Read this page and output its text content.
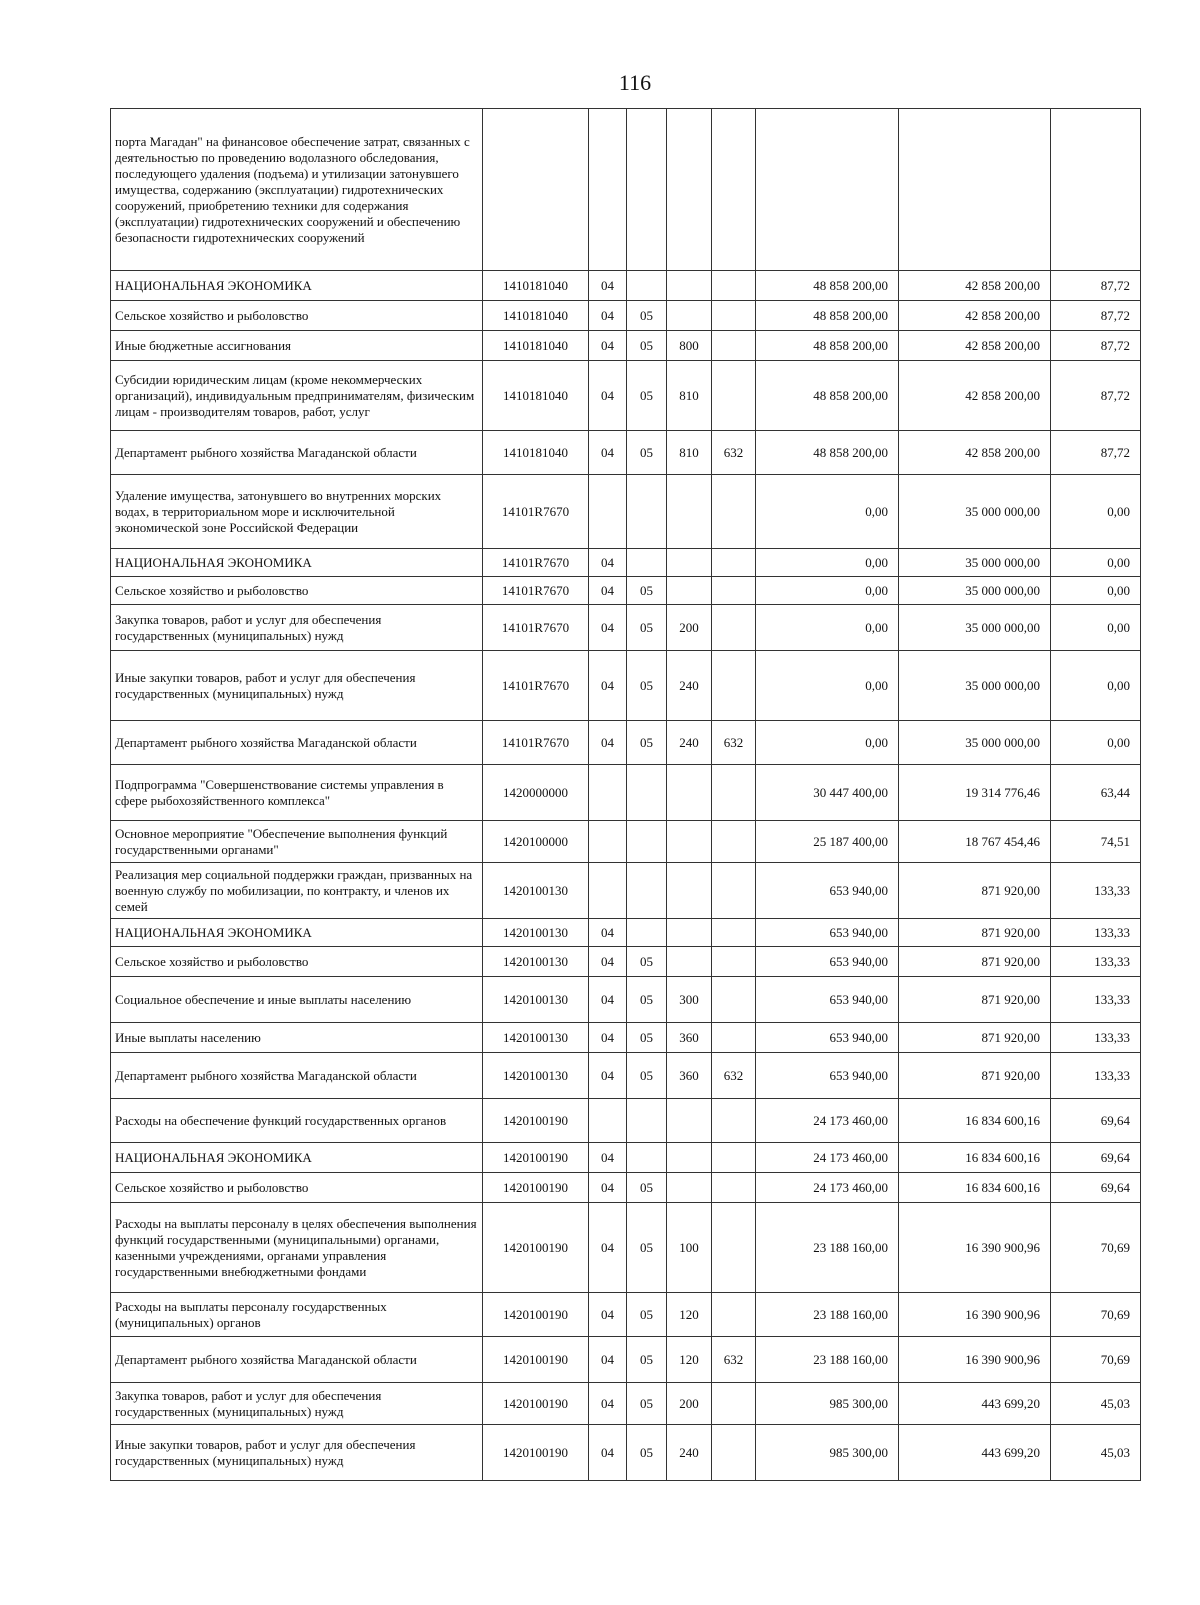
116
порта Магадан" на финансовое обеспечение затрат, связанных с деятельностью по проведению водолазного обследования, последующего удаления (подъема) и утилизации затонувшего имущества, содержанию (эксплуатации) гидротехнических сооружений, приобретению техники для содержания (эксплуатации) гидротехнических сооружений и обеспечению безопасности гидротехнических сооружений								
НАЦИОНАЛЬНАЯ ЭКОНОМИКА	1410181040	04				48 858 200,00	42 858 200,00	87,72
Сельское хозяйство и рыболовство	1410181040	04	05			48 858 200,00	42 858 200,00	87,72
Иные бюджетные ассигнования	1410181040	04	05	800		48 858 200,00	42 858 200,00	87,72
Субсидии юридическим лицам (кроме некоммерческих организаций), индивидуальным предпринимателям, физическим лицам - производителям товаров, работ, услуг	1410181040	04	05	810		48 858 200,00	42 858 200,00	87,72
Департамент рыбного хозяйства Магаданской области	1410181040	04	05	810	632	48 858 200,00	42 858 200,00	87,72
Удаление имущества, затонувшего во внутренних морских водах, в территориальном море и исключительной экономической зоне Российской Федерации	14101R7670					0,00	35 000 000,00	0,00
НАЦИОНАЛЬНАЯ ЭКОНОМИКА	14101R7670	04				0,00	35 000 000,00	0,00
Сельское хозяйство и рыболовство	14101R7670	04	05			0,00	35 000 000,00	0,00
Закупка товаров, работ и услуг для обеспечения государственных (муниципальных) нужд	14101R7670	04	05	200		0,00	35 000 000,00	0,00
Иные закупки товаров, работ и услуг для обеспечения государственных (муниципальных) нужд	14101R7670	04	05	240		0,00	35 000 000,00	0,00
Департамент рыбного хозяйства Магаданской области	14101R7670	04	05	240	632	0,00	35 000 000,00	0,00
Подпрограмма "Совершенствование системы управления в сфере рыбохозяйственного комплекса"	1420000000					30 447 400,00	19 314 776,46	63,44
Основное мероприятие "Обеспечение выполнения функций государственными органами"	1420100000					25 187 400,00	18 767 454,46	74,51
Реализация мер социальной поддержки граждан, призванных на военную службу по мобилизации, по контракту, и членов их семей	1420100130					653 940,00	871 920,00	133,33
НАЦИОНАЛЬНАЯ ЭКОНОМИКА	1420100130	04				653 940,00	871 920,00	133,33
Сельское хозяйство и рыболовство	1420100130	04	05			653 940,00	871 920,00	133,33
Социальное обеспечение и иные выплаты населению	1420100130	04	05	300		653 940,00	871 920,00	133,33
Иные выплаты населению	1420100130	04	05	360		653 940,00	871 920,00	133,33
Департамент рыбного хозяйства Магаданской области	1420100130	04	05	360	632	653 940,00	871 920,00	133,33
Расходы на обеспечение функций государственных органов	1420100190					24 173 460,00	16 834 600,16	69,64
НАЦИОНАЛЬНАЯ ЭКОНОМИКА	1420100190	04				24 173 460,00	16 834 600,16	69,64
Сельское хозяйство и рыболовство	1420100190	04	05			24 173 460,00	16 834 600,16	69,64
Расходы на выплаты персоналу в целях обеспечения выполнения функций государственными (муниципальными) органами, казенными учреждениями, органами управления государственными внебюджетными фондами	1420100190	04	05	100		23 188 160,00	16 390 900,96	70,69
Расходы на выплаты персоналу государственных (муниципальных) органов	1420100190	04	05	120		23 188 160,00	16 390 900,96	70,69
Департамент рыбного хозяйства Магаданской области	1420100190	04	05	120	632	23 188 160,00	16 390 900,96	70,69
Закупка товаров, работ и услуг для обеспечения государственных (муниципальных) нужд	1420100190	04	05	200		985 300,00	443 699,20	45,03
Иные закупки товаров, работ и услуг для обеспечения государственных (муниципальных) нужд	1420100190	04	05	240		985 300,00	443 699,20	45,03
